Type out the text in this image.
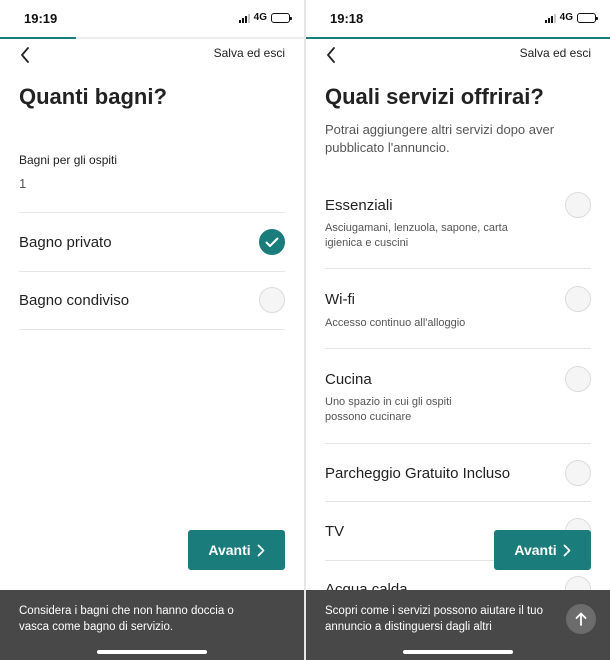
19:19	4G
Salva ed esci
Quanti bagni?
Bagni per gli ospiti
1
Bagno privato
Bagno condiviso
Avanti

Considera i bagni che non hanno doccia o vasca come bagno di servizio.

19:18	4G
Salva ed esci
Quali servizi offrirai?

Potrai aggiungere altri servizi dopo aver pubblicato l'annuncio.

Essenziali
Asciugamani, lenzuola, sapone, carta igienica e cuscini
Wi-fi
Accesso continuo all'alloggio
Cucina
Uno spazio in cui gli ospiti possono cucinare
Parcheggio Gratuito Incluso
TV
Avanti

Scopri come i servizi possono aiutare il tuo annuncio a distinguersi dagli altri
